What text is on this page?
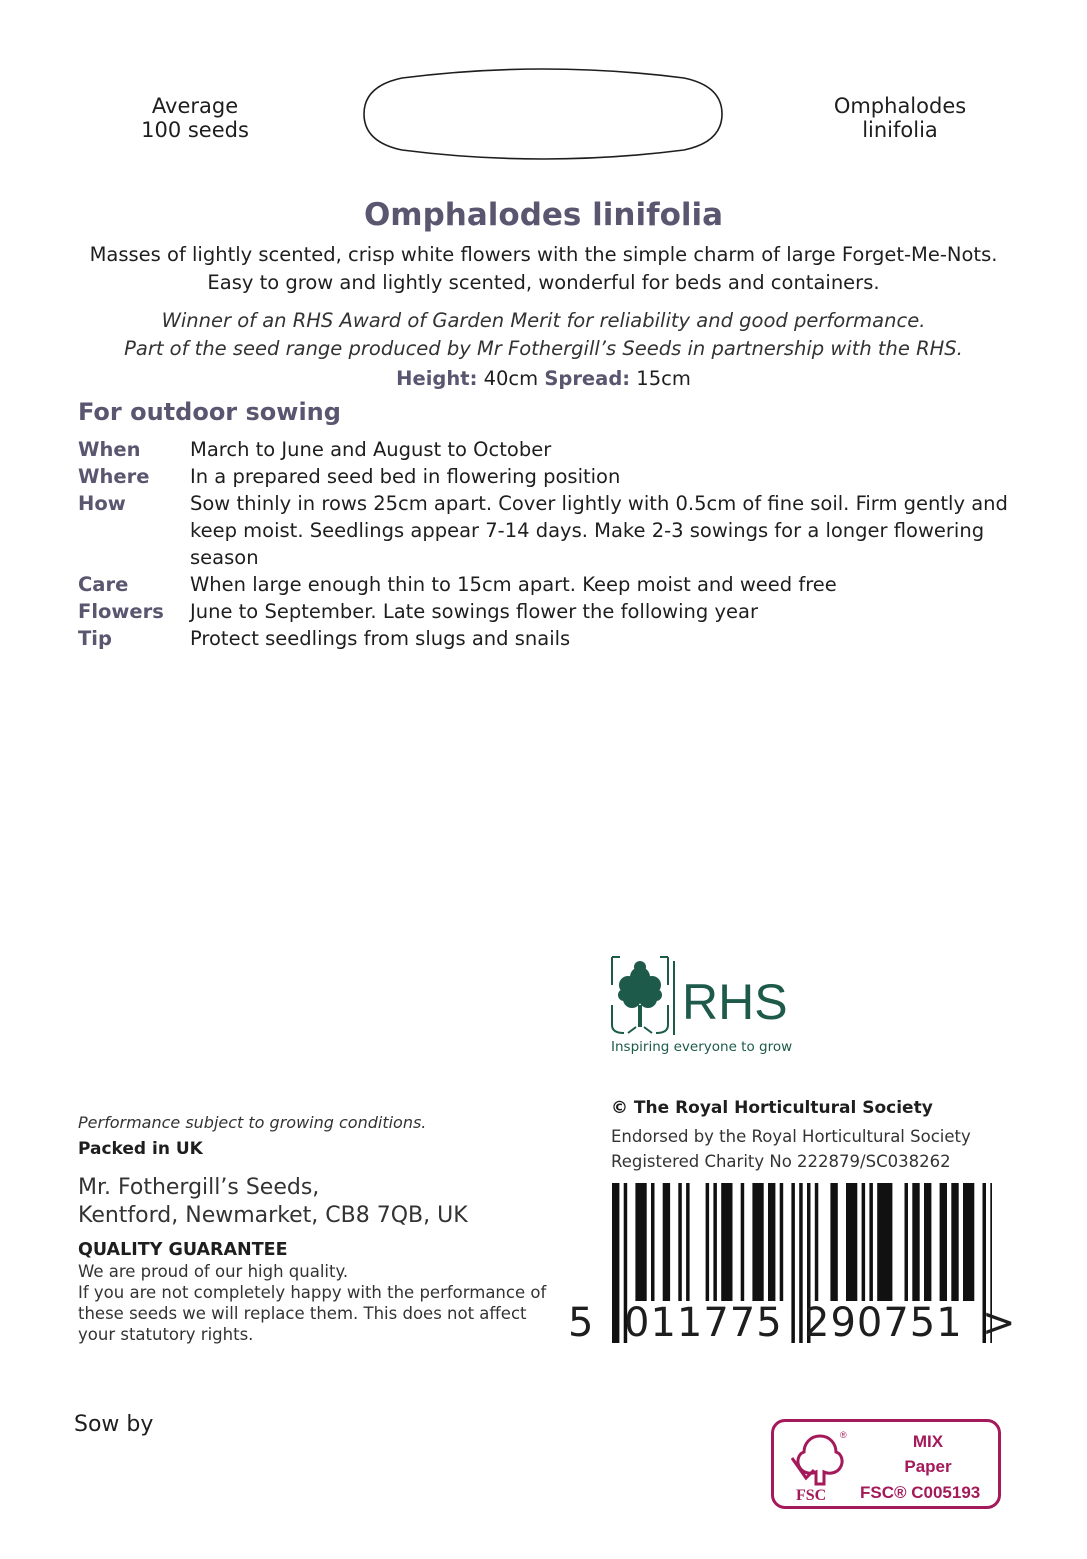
Average
100 seeds
Omphalodes
linifolia
Omphalodes linifolia
Masses of lightly scented, crisp white flowers with the simple charm of large Forget-Me-Nots.
Easy to grow and lightly scented, wonderful for beds and containers.
Winner of an RHS Award of Garden Merit for reliability and good performance.
Part of the seed range produced by Mr Fothergill’s Seeds in partnership with the RHS.
Height: 40cm Spread: 15cm
For outdoor sowing
When	March to June and August to October
Where	In a prepared seed bed in flowering position
How	Sow thinly in rows 25cm apart. Cover lightly with 0.5cm of fine soil. Firm gently and keep moist. Seedlings appear 7-14 days. Make 2-3 sowings for a longer flowering season
Care	When large enough thin to 15cm apart. Keep moist and weed free
Flowers	June to September. Late sowings flower the following year
Tip	Protect seedlings from slugs and snails
RHS
Inspiring everyone to grow
Performance subject to growing conditions.
Packed in UK
Mr. Fothergill’s Seeds,
Kentford, Newmarket, CB8 7QB, UK
QUALITY GUARANTEE
We are proud of our high quality.
If you are not completely happy with the performance of these seeds we will replace them. This does not affect your statutory rights.
© The Royal Horticultural Society
Endorsed by the Royal Horticultural Society
Registered Charity No 222879/SC038262
5 011775 290751 >
Sow by	®
FSC
MIX
Paper
FSC® C005193
